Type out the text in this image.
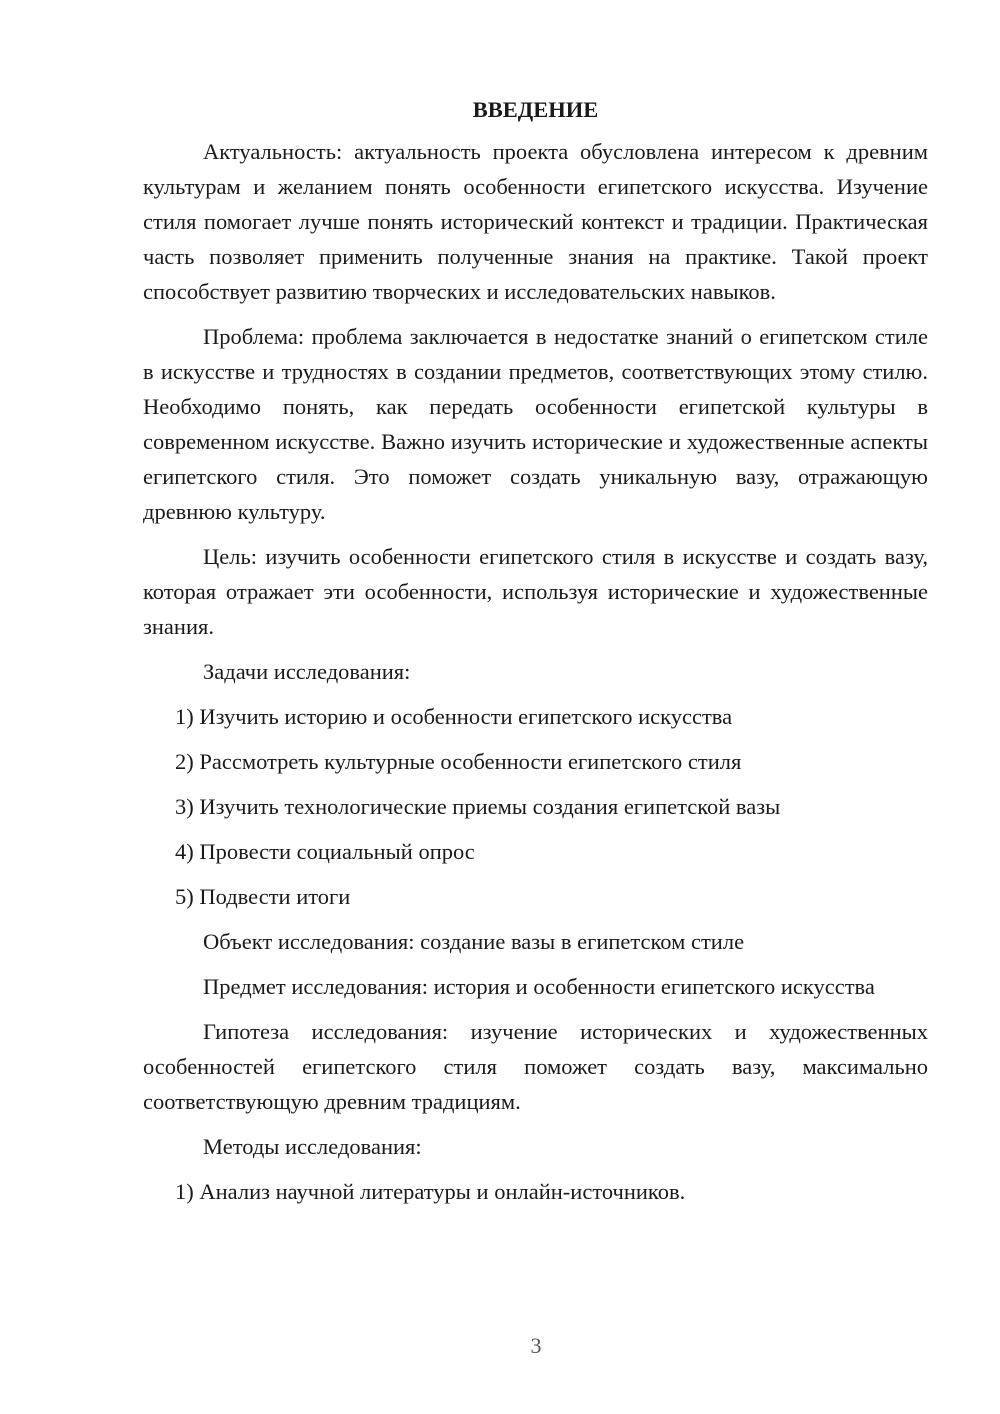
ВВЕДЕНИЕ

Актуальность: актуальность проекта обусловлена интересом к древним культурам и желанием понять особенности египетского искусства. Изучение стиля помогает лучше понять исторический контекст и традиции. Практическая часть позволяет применить полученные знания на практике. Такой проект способствует развитию творческих и исследовательских навыков.

Проблема: проблема заключается в недостатке знаний о египетском стиле в искусстве и трудностях в создании предметов, соответствующих этому стилю. Необходимо понять, как передать особенности египетской культуры в современном искусстве. Важно изучить исторические и художественные аспекты египетского стиля. Это поможет создать уникальную вазу, отражающую древнюю культуру.

Цель: изучить особенности египетского стиля в искусстве и создать вазу, которая отражает эти особенности, используя исторические и художественные знания.

Задачи исследования:

1) Изучить историю и особенности египетского искусства
2) Рассмотреть культурные особенности египетского стиля
3) Изучить технологические приемы создания египетской вазы
4) Провести социальный опрос
5) Подвести итоги

Объект исследования: создание вазы в египетском стиле

Предмет исследования: история и особенности египетского искусства

Гипотеза исследования: изучение исторических и художественных особенностей египетского стиля поможет создать вазу, максимально соответствующую древним традициям.

Методы исследования:

1) Анализ научной литературы и онлайн-источников.
3
